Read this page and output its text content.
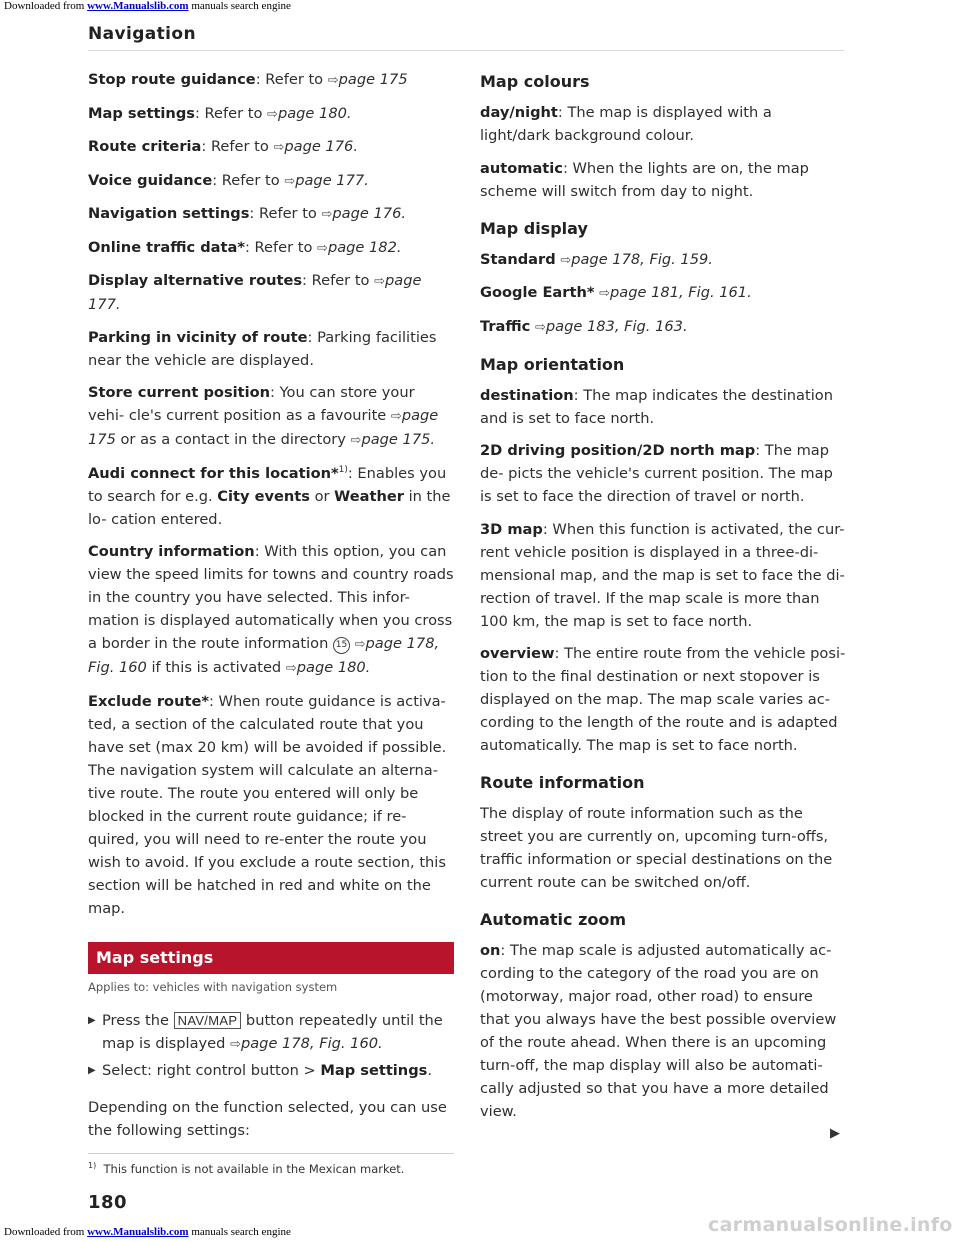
Downloaded from www.Manualslib.com manuals search engine
Navigation

Stop route guidance: Refer to ⇨page 175

Map settings: Refer to ⇨page 180.

Route criteria: Refer to ⇨page 176.

Voice guidance: Refer to ⇨page 177.

Navigation settings: Refer to ⇨page 176.

Online traffic data*: Refer to ⇨page 182.

Display alternative routes: Refer to ⇨page 177.

Parking in vicinity of route: Parking facilities near the vehicle are displayed.

Store current position: You can store your vehi- cle's current position as a favourite ⇨page 175 or as a contact in the directory ⇨page 175.

Audi connect for this location*$^{1)}$: Enables you to search for e.g. City events or Weather in the lo- cation entered.

Country information: With this option, you can view the speed limits for towns and country roads in the country you have selected. This infor- mation is displayed automatically when you cross a border in the route information 15 ⇨page 178, Fig. 160 if this is activated ⇨page 180.

Exclude route*: When route guidance is activa- ted, a section of the calculated route that you have set (max 20 km) will be avoided if possible. The navigation system will calculate an alterna- tive route. The route you entered will only be blocked in the current route guidance; if re- quired, you will need to re-enter the route you wish to avoid. If you exclude a route section, this section will be hatched in red and white on the map.

Map settings
Applies to: vehicles with navigation system

▶ Press the NAV/MAP button repeatedly until the map is displayed ⇨page 178, Fig. 160.

▶ Select: right control button > Map settings.

Depending on the function selected, you can use the following settings:

Map colours

day/night: The map is displayed with a light/dark background colour.

automatic: When the lights are on, the map scheme will switch from day to night.

Map display

Standard ⇨page 178, Fig. 159.

Google Earth* ⇨page 181, Fig. 161.

Traffic ⇨page 183, Fig. 163.

Map orientation

destination: The map indicates the destination and is set to face north.

2D driving position/2D north map: The map de- picts the vehicle's current position. The map is set to face the direction of travel or north.

3D map: When this function is activated, the cur- rent vehicle position is displayed in a three-di- mensional map, and the map is set to face the di- rection of travel. If the map scale is more than 100 km, the map is set to face north.

overview: The entire route from the vehicle posi- tion to the final destination or next stopover is displayed on the map. The map scale varies ac- cording to the length of the route and is adapted automatically. The map is set to face north.

Route information

The display of route information such as the street you are currently on, upcoming turn-offs, traffic information or special destinations on the current route can be switched on/off.

Automatic zoom

on: The map scale is adjusted automatically ac- cording to the category of the road you are on (motorway, major road, other road) to ensure that you always have the best possible overview of the route ahead. When there is an upcoming turn-off, the map display will also be automati- cally adjusted so that you have a more detailed view.

▶
$^{1)}$ This function is not available in the Mexican market.
180
carmanualsonline.info
Downloaded from www.Manualslib.com manuals search engine
